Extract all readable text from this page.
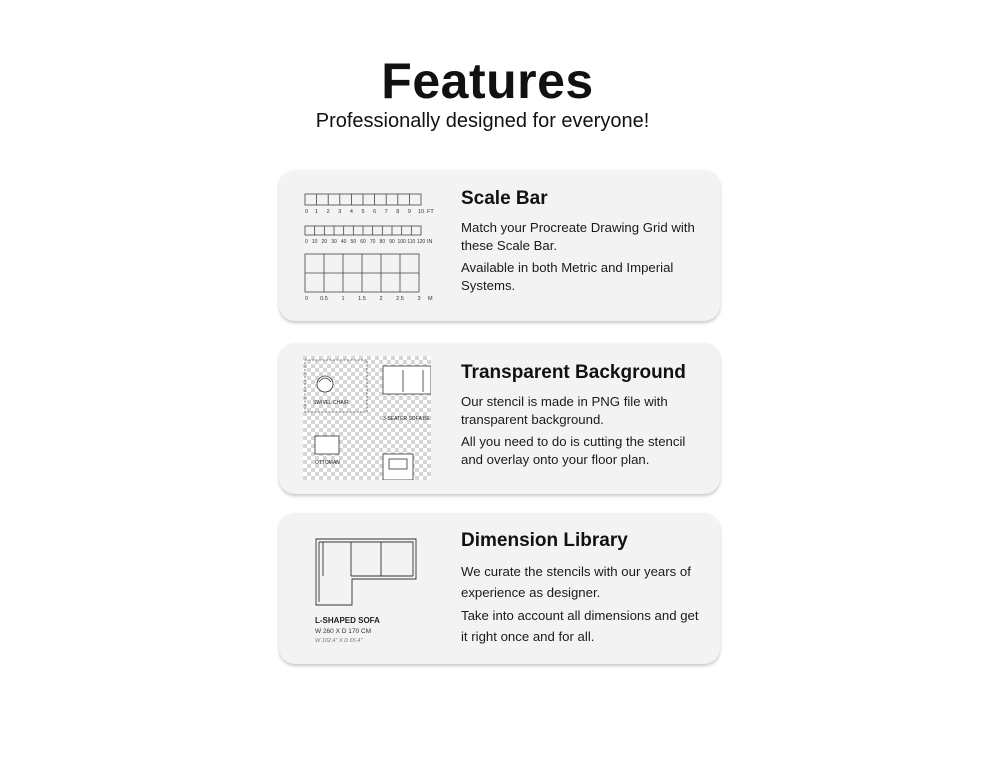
Features

Professionally designed for everyone!

0 1 2 3 4 5 6 7 8 9 10 FT
0 10 20 30 40 50 60 70 80 90 100 110 120 IN
0 0.5 1 1.5 2 2.5 3 M
Scale Bar

Match your Procreate Drawing Grid with these Scale Bar.

Available in both Metric and Imperial Systems.

SWIVEL CHAIR
3-SEATER SOFA BE
OTTOMAN
Transparent Background

Our stencil is made in PNG file with transparent background.

All you need to do is cutting the stencil and overlay onto your floor plan.

L-SHAPED SOFA
W 260 X D 170 CM
W 102.4" X D 65.4"
Dimension Library

We curate the stencils with our years of experience as designer.

Take into account all dimensions and get it right once and for all.
